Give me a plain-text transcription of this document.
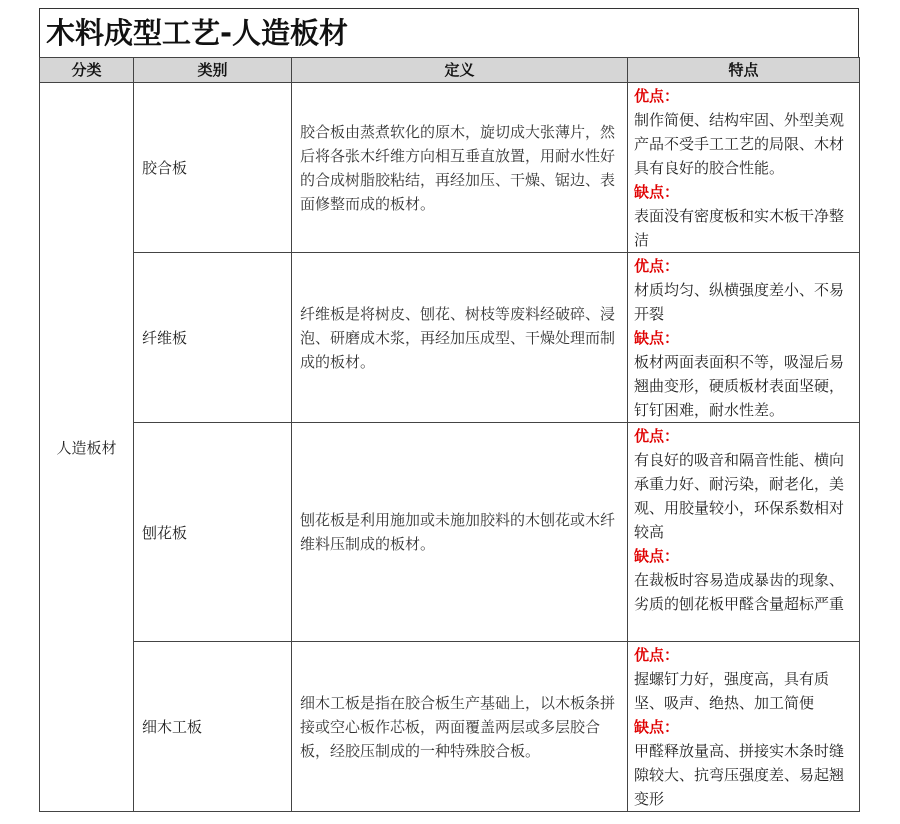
木料成型工艺-人造板材
分类	类别	定义	特点
人造板材	胶合板	胶合板由蒸煮软化的原木，旋切成大张薄片，然后将各张木纤维方向相互垂直放置，用耐水性好的合成树脂胶粘结，再经加压、干燥、锯边、表面修整而成的板材。	优点：
制作简便、结构牢固、外型美观产品不受手工工艺的局限、木材具有良好的胶合性能。
缺点：
表面没有密度板和实木板干净整洁

	纤维板	纤维板是将树皮、刨花、树枝等废料经破碎、浸泡、研磨成木浆，再经加压成型、干燥处理而制成的板材。	优点：
材质均匀、纵横强度差小、不易开裂
缺点：
板材两面表面积不等，吸湿后易翘曲变形，硬质板材表面坚硬，钉钉困难，耐水性差。

	刨花板	刨花板是利用施加或未施加胶料的木刨花或木纤维料压制成的板材。	优点：
有良好的吸音和隔音性能、横向承重力好、耐污染，耐老化，美观、用胶量较小，环保系数相对较高
缺点：
在裁板时容易造成暴齿的现象、劣质的刨花板甲醛含量超标严重

	细木工板	细木工板是指在胶合板生产基础上，以木板条拼接或空心板作芯板，两面覆盖两层或多层胶合板，经胶压制成的一种特殊胶合板。	优点：
握螺钉力好，强度高，具有质坚、吸声、绝热、加工简便
缺点：
甲醛释放量高、拼接实木条时缝隙较大、抗弯压强度差、易起翘变形
